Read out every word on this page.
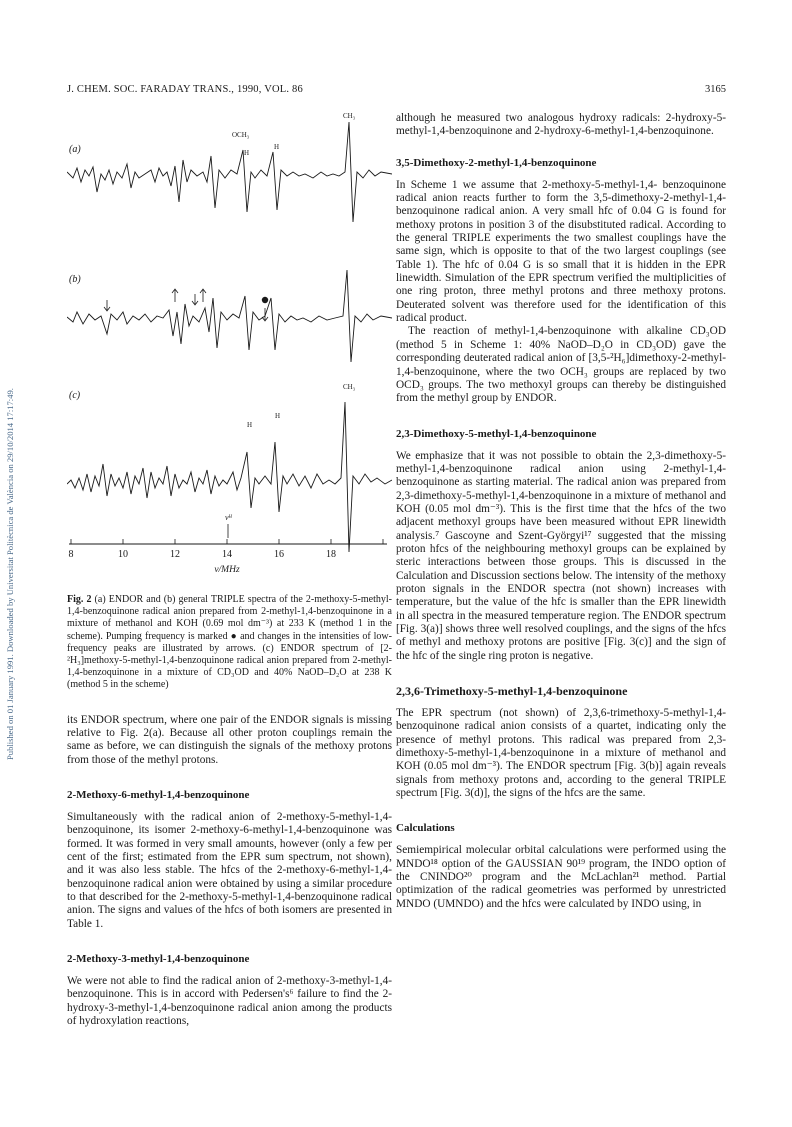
Published on 01 January 1991. Downloaded by Universitat Politècnica de València on 29/10/2014 17:17:49.
J. CHEM. SOC. FARADAY TRANS., 1990, VOL. 86	3165
(a)
OCH₃
CH₃
H
H
(b)
(c)
CH₃
H
H
νᴴ
8	10	12	14	16	18
ν/MHz
Fig. 2 (a) ENDOR and (b) general TRIPLE spectra of the 2-methoxy-5-methyl-1,4-benzoquinone radical anion prepared from 2-methyl-1,4-benzoquinone in a mixture of methanol and KOH (0.69 mol dm⁻³) at 233 K (method 1 in the scheme). Pumping frequency is marked ● and changes in the intensities of low-frequency peaks are illustrated by arrows. (c) ENDOR spectrum of [2-²H₃]methoxy-5-methyl-1,4-benzoquinone radical anion prepared from 2-methyl-1,4-benzoquinone in a mixture of CD₃OD and 40% NaOD–D₂O at 238 K (method 5 in the scheme)

its ENDOR spectrum, where one pair of the ENDOR signals is missing relative to Fig. 2(a). Because all other proton couplings remain the same as before, we can distinguish the signals of the methoxy protons from those of the methyl protons.

2-Methoxy-6-methyl-1,4-benzoquinone

Simultaneously with the radical anion of 2-methoxy-5-methyl-1,4-benzoquinone, its isomer 2-methoxy-6-methyl-1,4-benzoquinone was formed. It was formed in very small amounts, however (only a few per cent of the first; estimated from the EPR sum spectrum, not shown), and it was also less stable. The hfcs of the 2-methoxy-6-methyl-1,4-benzoquinone radical anion were obtained by using a similar procedure to that described for the 2-methoxy-5-methyl-1,4-benzoquinone radical anion. The signs and values of the hfcs of both isomers are presented in Table 1.

2-Methoxy-3-methyl-1,4-benzoquinone

We were not able to find the radical anion of 2-methoxy-3-methyl-1,4-benzoquinone. This is in accord with Pedersen's⁶ failure to find the 2-hydroxy-3-methyl-1,4-benzoquinone radical anion among the products of hydroxylation reactions,

although he measured two analogous hydroxy radicals: 2-hydroxy-5-methyl-1,4-benzoquinone and 2-hydroxy-6-methyl-1,4-benzoquinone.

3,5-Dimethoxy-2-methyl-1,4-benzoquinone

In Scheme 1 we assume that 2-methoxy-5-methyl-1,4- benzoquinone radical anion reacts further to form the 3,5-dimethoxy-2-methyl-1,4-benzoquinone radical anion. A very small hfc of 0.04 G is found for methoxy protons in position 3 of the disubstituted radical. According to the general TRIPLE experiments the two smallest couplings have the same sign, which is opposite to that of the two largest couplings (see Table 1). The hfc of 0.04 G is so small that it is hidden in the EPR linewidth. Simulation of the EPR spectrum verified the multiplicities of one ring proton, three methyl protons and three methoxy protons. Deuterated solvent was therefore used for the identification of this radical product.

The reaction of methyl-1,4-benzoquinone with alkaline CD₃OD (method 5 in Scheme 1: 40% NaOD–D₂O in CD₃OD) gave the corresponding deuterated radical anion of [3,5-²H₆]dimethoxy-2-methyl-1,4-benzoquinone, where the two OCH₃ groups are replaced by two OCD₃ groups. The two methoxyl groups can thereby be distinguished from the methyl group by ENDOR.

2,3-Dimethoxy-5-methyl-1,4-benzoquinone

We emphasize that it was not possible to obtain the 2,3-dimethoxy-5-methyl-1,4-benzoquinone radical anion using 2-methyl-1,4-benzoquinone as starting material. The radical anion was prepared from 2,3-dimethoxy-5-methyl-1,4-benzoquinone in a mixture of methanol and KOH (0.05 mol dm⁻³). This is the first time that the hfcs of the two adjacent methoxyl groups have been measured without EPR linewidth analysis.⁷ Gascoyne and Szent-Györgyi¹⁷ suggested that the missing proton hfcs of the neighbouring methoxyl groups can be explained by steric interactions between those groups. This is discussed in the Calculation and Discussion sections below. The intensity of the methoxy proton signals in the ENDOR spectra (not shown) increases with temperature, but the value of the hfc is smaller than the EPR linewidth in all spectra in the measured temperature region. The ENDOR spectrum [Fig. 3(a)] shows three well resolved couplings, and the signs of the hfcs of methyl and methoxy protons are positive [Fig. 3(c)] and the sign of the hfc of the single ring proton is negative.

2,3,6-Trimethoxy-5-methyl-1,4-benzoquinone

The EPR spectrum (not shown) of 2,3,6-trimethoxy-5-methyl-1,4-benzoquinone radical anion consists of a quartet, indicating only the presence of methyl protons. This radical was prepared from 2,3-dimethoxy-5-methyl-1,4-benzoquinone in a mixture of methanol and KOH (0.05 mol dm⁻³). The ENDOR spectrum [Fig. 3(b)] again reveals signals from methoxy protons and, according to the general TRIPLE spectrum [Fig. 3(d)], the signs of the hfcs are the same.

Calculations

Semiempirical molecular orbital calculations were performed using the MNDO¹⁸ option of the GAUSSIAN 90¹⁹ program, the INDO option of the CNINDO²⁰ program and the McLachlan²¹ method. Partial optimization of the radical geometries was performed by unrestricted MNDO (UMNDO) and the hfcs were calculated by INDO using, in
